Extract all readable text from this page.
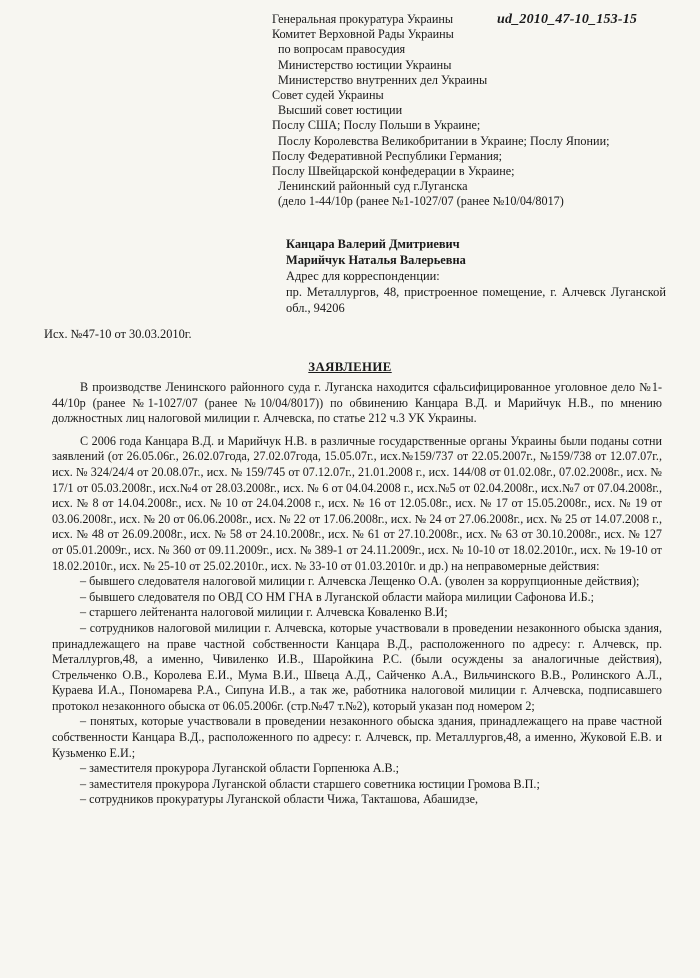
ud_2010_47-10_153-15
Генеральная прокуратура Украины
Комитет Верховной Рады Украины
по вопросам правосудия
Министерство юстиции Украины
Министерство внутренних дел Украины
Совет судей Украины
Высший совет юстиции
Послу США; Послу Польши в Украине;
Послу Королевства Великобритании в Украине; Послу Японии;
Послу Федеративной Республики Германия;
Послу Швейцарской конфедерации в Украине;
Ленинский районный суд г.Луганска
(дело 1-44/10р (ранее №1-1027/07 (ранее №10/04/8017)
Канцара Валерий Дмитриевич
Марийчук Наталья Валерьевна
Адрес для корреспонденции:
пр. Металлургов, 48, пристроенное помещение, г. Алчевск Луганской обл., 94206
Исх. №47-10 от 30.03.2010г.
ЗАЯВЛЕНИЕ

В производстве Ленинского районного суда г. Луганска находится сфальсифицированное уголовное дело №1-44/10р (ранее №1-1027/07 (ранее №10/04/8017)) по обвинению Канцара В.Д. и Марийчук Н.В., по мнению должностных лиц налоговой милиции г. Алчевска, по статье 212 ч.3 УК Украины.

С 2006 года Канцара В.Д. и Марийчук Н.В. в различные государственные органы Украины были поданы сотни заявлений (от 26.05.06г., 26.02.07года, 27.02.07года, 15.05.07г., исх.№159/737 от 22.05.2007г., №159/738 от 12.07.07г., исх. № 324/24/4 от 20.08.07г., исх. № 159/745 от 07.12.07г., 21.01.2008 г., исх. 144/08 от 01.02.08г., 07.02.2008г., исх. № 17/1 от 05.03.2008г., исх.№4 от 28.03.2008г., исх. № 6 от 04.04.2008 г., исх.№5 от 02.04.2008г., исх.№7 от 07.04.2008г., исх. № 8 от 14.04.2008г., исх. № 10 от 24.04.2008 г., исх. № 16 от 12.05.08г., исх. № 17 от 15.05.2008г., исх. № 19 от 03.06.2008г., исх. № 20 от 06.06.2008г., исх. № 22 от 17.06.2008г., исх. № 24 от 27.06.2008г., исх. № 25 от 14.07.2008 г., исх. № 48 от 26.09.2008г., исх. № 58 от 24.10.2008г., исх. № 61 от 27.10.2008г., исх. № 63 от 30.10.2008г., исх. № 127 от 05.01.2009г., исх. № 360 от 09.11.2009г., исх. № 389-1 от 24.11.2009г., исх. № 10-10 от 18.02.2010г., исх. № 19-10 от 18.02.2010г., исх. № 25-10 от 25.02.2010г., исх. № 33-10 от 01.03.2010г. и др.) на неправомерные действия:

– бывшего следователя налоговой милиции г. Алчевска Лещенко О.А. (уволен за коррупционные действия);

– бывшего следователя по ОВД СО НМ ГНА в Луганской области майора милиции Сафонова И.Б.;

– старшего лейтенанта налоговой милиции г. Алчевска Коваленко В.И;

– сотрудников налоговой милиции г. Алчевска, которые участвовали в проведении незаконного обыска здания, принадлежащего на праве частной собственности Канцара В.Д., расположенного по адресу: г. Алчевск, пр. Металлургов,48, а именно, Чивиленко И.В., Шаройкина Р.С. (были осуждены за аналогичные действия), Стрельченко О.В., Королева Е.И., Мума В.И., Швеца А.Д., Сайченко А.А., Вильчинского В.В., Ролинского А.Л., Кураева И.А., Пономарева Р.А., Сипуна И.В., а так же, работника налоговой милиции г. Алчевска, подписавшего протокол незаконного обыска от 06.05.2006г. (стр.№47 т.№2), который указан под номером 2;

– понятых, которые участвовали в проведении незаконного обыска здания, принадлежащего на праве частной собственности Канцара В.Д., расположенного по адресу: г. Алчевск, пр. Металлургов,48, а именно, Жуковой Е.В. и Кузьменко Е.И.;

– заместителя прокурора Луганской области Горпенюка А.В.;

– заместителя прокурора Луганской области старшего советника юстиции Громова В.П.;

– сотрудников прокуратуры Луганской области Чижа, Такташова, Абашидзе,
